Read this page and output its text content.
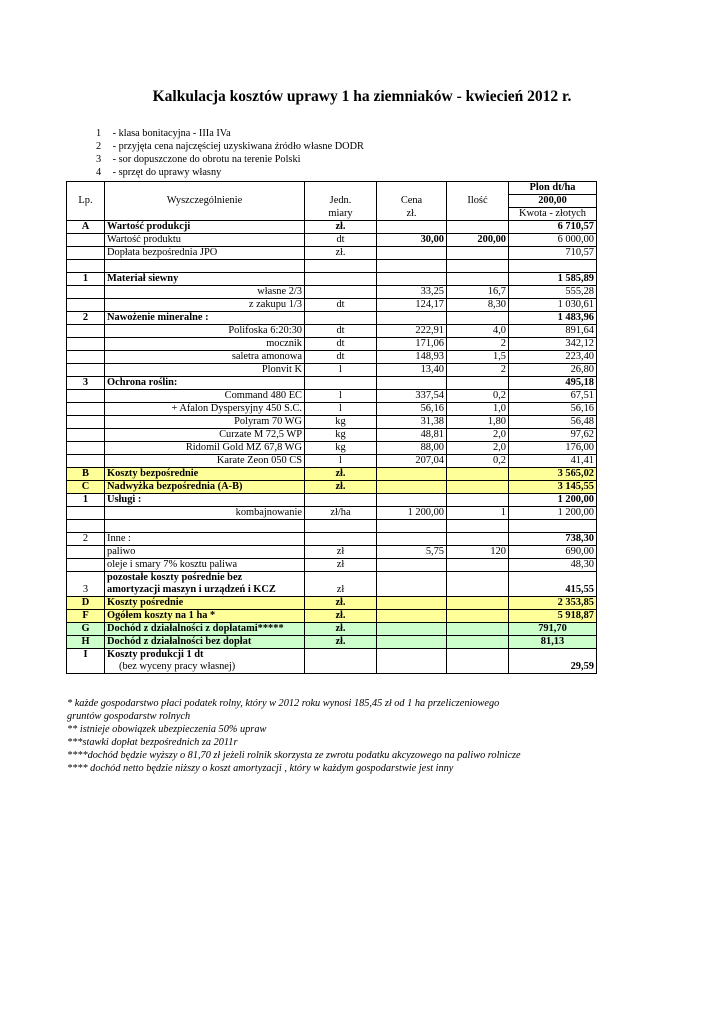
Kalkulacja kosztów uprawy 1 ha ziemniaków - kwiecień 2012 r.
1 - klasa bonitacyjna - IIIa IVa
2 - przyjęta cena najczęściej uzyskiwana źródło własne DODR
3 - sor dopuszczone do obrotu na terenie Polski
4 - sprzęt do uprawy własny
Lp.	Wyszczególnienie				Plon dt/ha
		Jedn.	Cena	Ilość	200,00
		miary	zł.		Kwota - złotych
A	Wartość produkcji	zł.			6 710,57
	Wartość produktu	dt	30,00	200,00	6 000,00
	Dopłata bezpośrednia JPO	zł.			710,57

1	Materiał siewny				1 585,89
	własne 2/3		33,25	16,7	555,28
	z zakupu 1/3	dt	124,17	8,30	1 030,61
2	Nawożenie mineralne :				1 483,96
	Polifoska 6:20:30	dt	222,91	4,0	891,64
	mocznik	dt	171,06	2	342,12
	saletra amonowa	dt	148,93	1,5	223,40
	Plonvit K	l	13,40	2	26,80
3	Ochrona roślin:				495,18
	Command 480 EC	l	337,54	0,2	67,51
	+ Afalon Dyspersyjny 450 S.C.	l	56,16	1,0	56,16
	Polyram 70 WG	kg	31,38	1,80	56,48
	Curzate M 72,5 WP	kg	48,81	2,0	97,62
	Ridomil Gold MZ 67,8 WG	kg	88,00	2,0	176,00
	Karate Zeon 050 CS	l	207,04	0,2	41,41
B	Koszty bezpośrednie	zł.			3 565,02
C	Nadwyżka bezpośrednia (A-B)	zł.			3 145,55
1	Usługi :				1 200,00
	kombajnowanie	zł/ha	1 200,00	1	1 200,00

2	Inne :				738,30
	paliwo	zł	5,75	120	690,00
	oleje i smary 7% kosztu paliwa	zł			48,30
	pozostałe koszty pośrednie bez				
3	amortyzacji maszyn i urządzeń i KCZ	zł			415,55
D	Koszty pośrednie	zł.			2 353,85
F	Ogółem koszty na 1 ha *	zł.			5 918,87
G	Dochód z działalności z dopłatami*****	zł.			791,70
H	Dochód z działalności bez dopłat	zł.			81,13
I	Koszty produkcji 1 dt				
	(bez wyceny pracy własnej)				29,59
* każde gospodarstwo płaci podatek rolny, który w 2012 roku wynosi 185,45 zł od 1 ha przeliczeniowego
gruntów gospodarstw rolnych
** istnieje obowiązek ubezpieczenia 50% upraw
***stawki dopłat bezpośrednich za 2011r
****dochód będzie wyższy o 81,70 zł jeżeli rolnik skorzysta ze zwrotu podatku akcyzowego na paliwo rolnicze
**** dochód netto będzie niższy o koszt amortyzacji , który w każdym gospodarstwie jest inny
